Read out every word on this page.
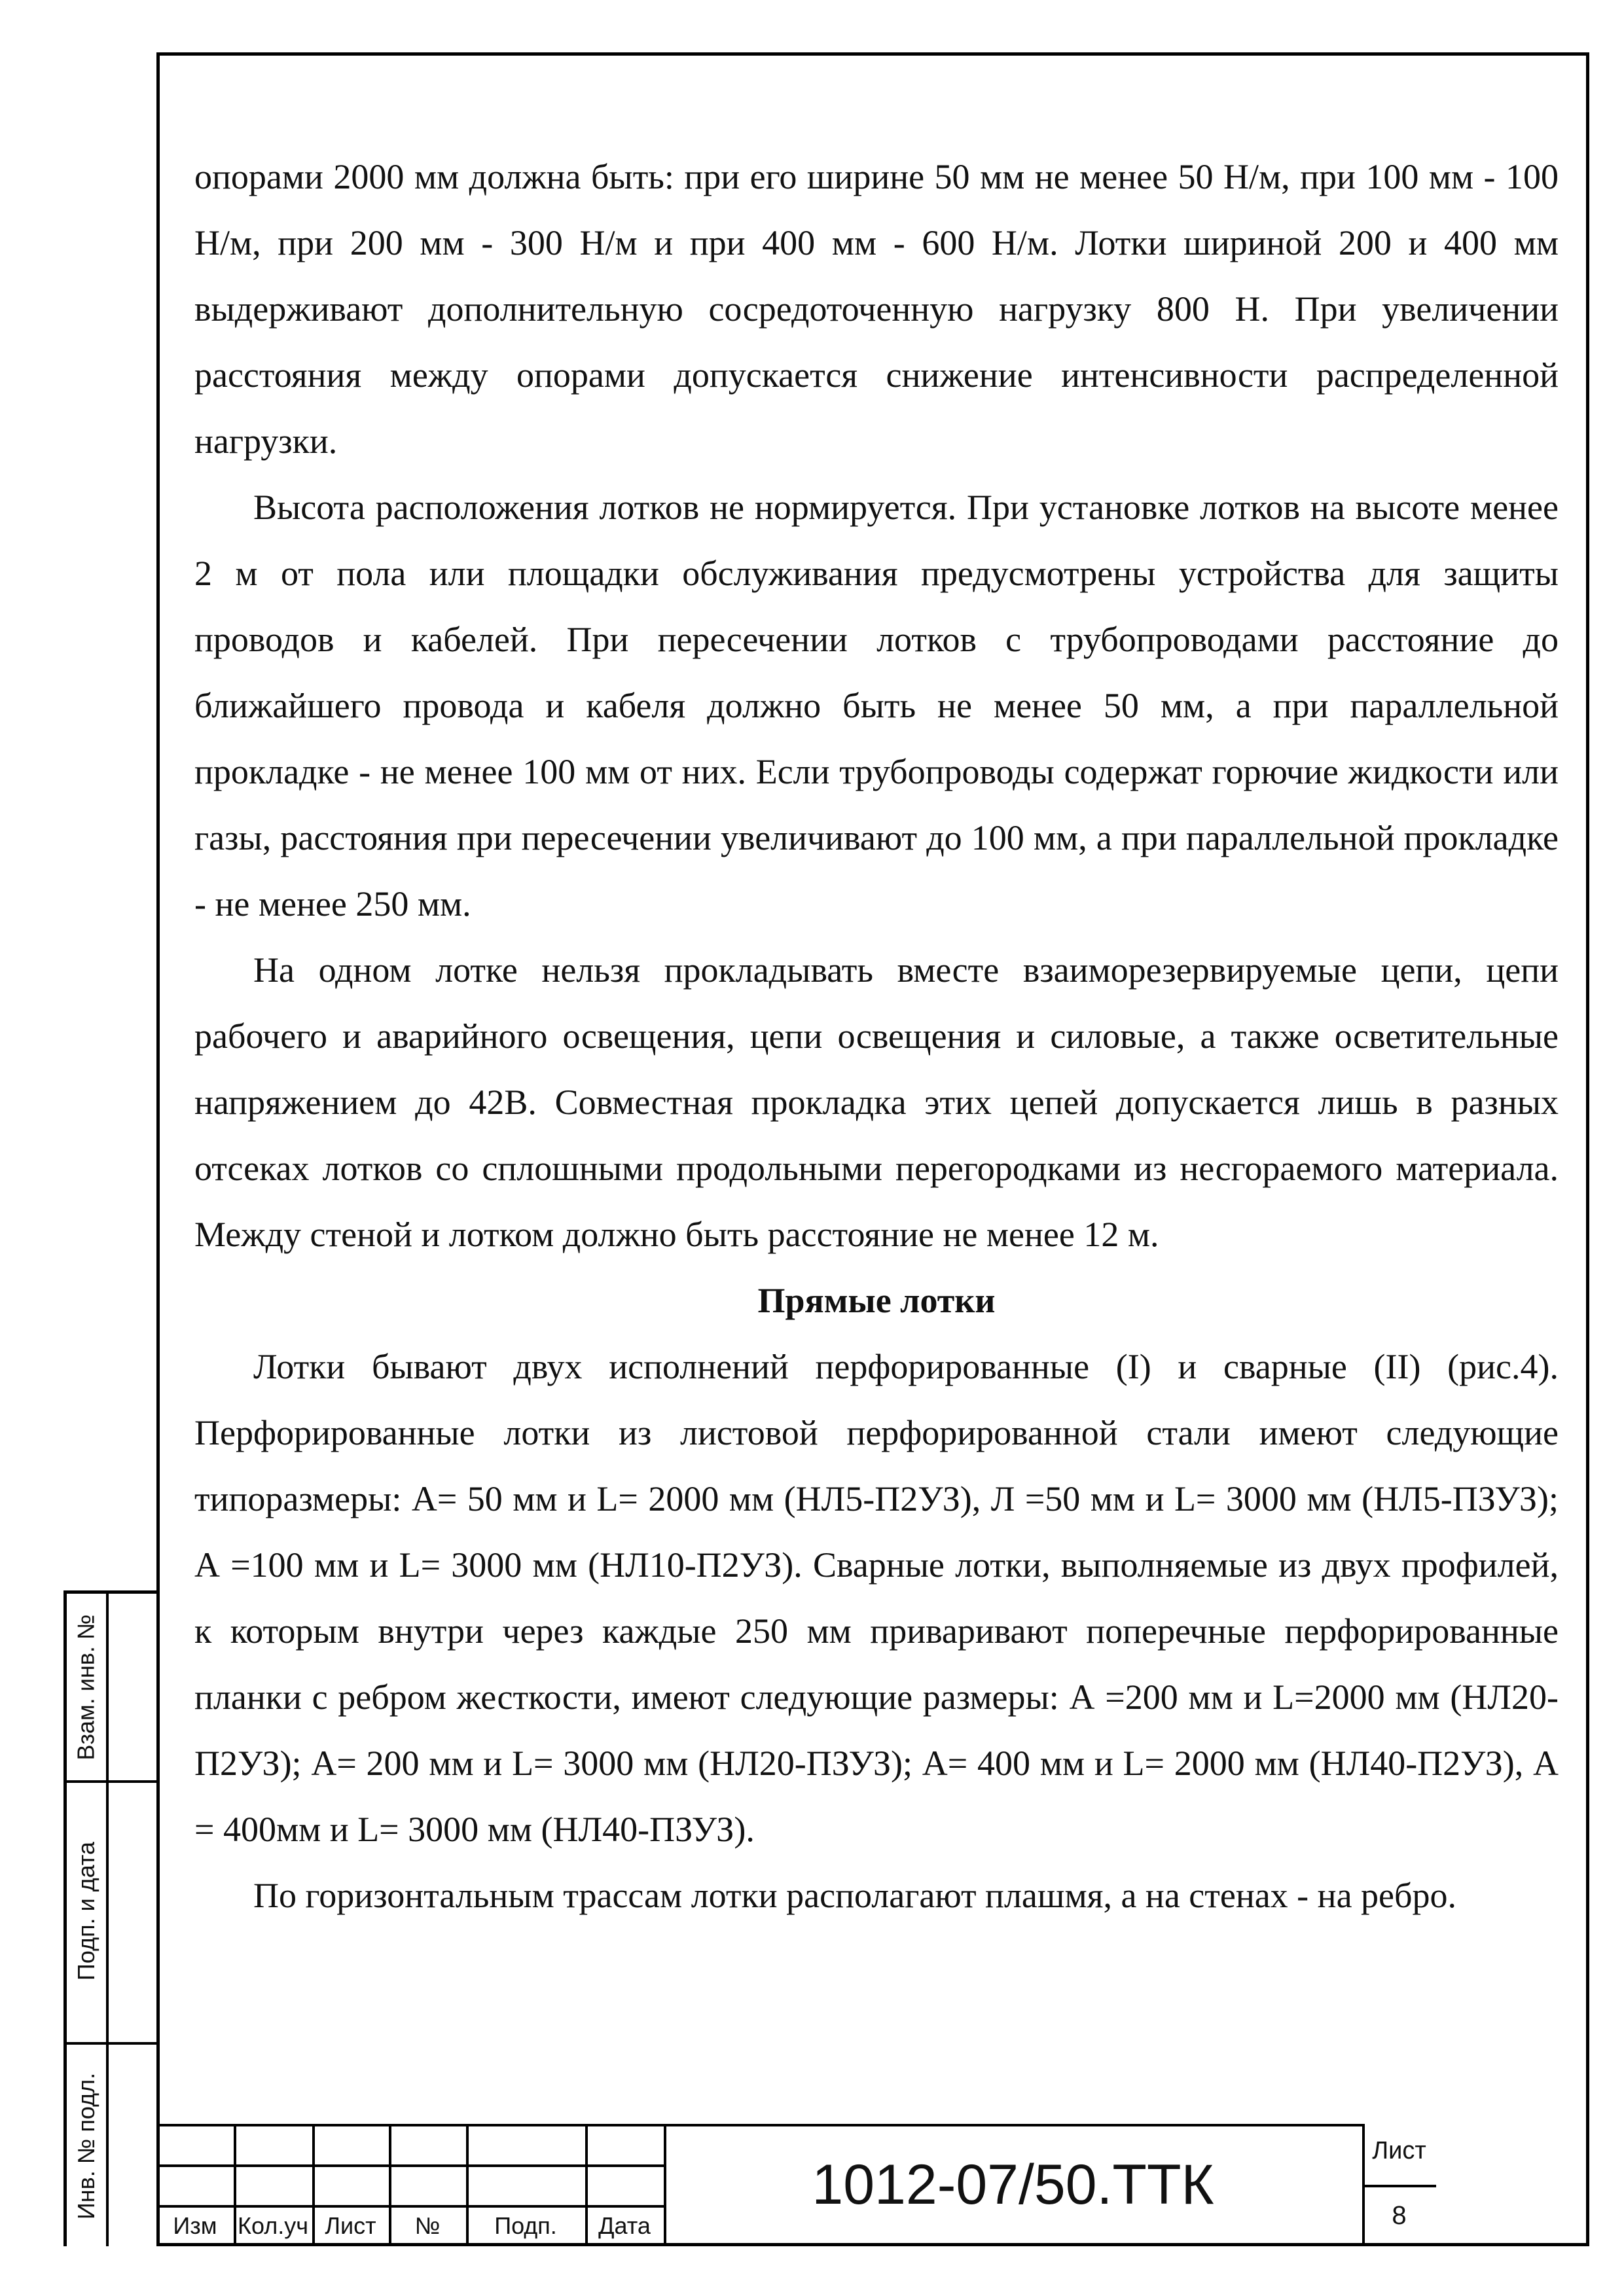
опорами 2000 мм должна быть: при его ширине 50 мм не менее 50 Н/м, при 100 мм - 100 Н/м, при 200 мм - 300 Н/м и при 400 мм - 600 Н/м. Лотки шириной 200 и 400 мм выдерживают дополнительную сосредоточенную нагрузку 800 Н. При увеличении расстояния между опорами допускается снижение интенсивности распределенной нагрузки.

Высота расположения лотков не нормируется. При установке лотков на высоте менее 2 м от пола или площадки обслуживания предусмотрены устройства для защиты проводов и кабелей. При пересечении лотков с трубопроводами расстояние до ближайшего провода и кабеля должно быть не менее 50 мм, а при параллельной прокладке - не менее 100 мм от них. Если трубопроводы содержат горючие жидкости или газы, расстояния при пересечении увеличивают до 100 мм, а при параллельной прокладке - не менее 250 мм.

На одном лотке нельзя прокладывать вместе взаиморезервируемые цепи, цепи рабочего и аварийного освещения, цепи освещения и силовые, а также осветительные напряжением до 42В. Совместная прокладка этих цепей допускается лишь в разных отсеках лотков со сплошными продольными перегородками из несгораемого материала. Между стеной и лотком должно быть расстояние не менее 12 м.

Прямые лотки

Лотки бывают двух исполнений перфорированные (I) и сварные (II) (рис.4). Перфорированные лотки из листовой перфорированной стали имеют следующие типоразмеры: А= 50 мм и L= 2000 мм (НЛ5-П2УЗ), Л =50 мм и L= 3000 мм (НЛ5-ПЗУЗ); А =100 мм и L= 3000 мм (НЛ10-П2УЗ). Сварные лотки, выполняемые из двух профилей, к которым внутри через каждые 250 мм приваривают поперечные перфорированные планки с ребром жесткости, имеют следующие размеры: А =200 мм и L=2000 мм (НЛ20-П2УЗ); А= 200 мм и L= 3000 мм (НЛ20-ПЗУЗ); А= 400 мм и L= 2000 мм (НЛ40-П2УЗ), А = 400мм и L= 3000 мм (НЛ40-ПЗУЗ).

По горизонтальным трассам лотки располагают плашмя, а на стенах - на ребро.

Взам. инв. №
Подп. и дата
Инв. № подл.
Изм Кол.уч Лист	№	Подп.	Дата
1012-07/50.ТТК
Лист
8
